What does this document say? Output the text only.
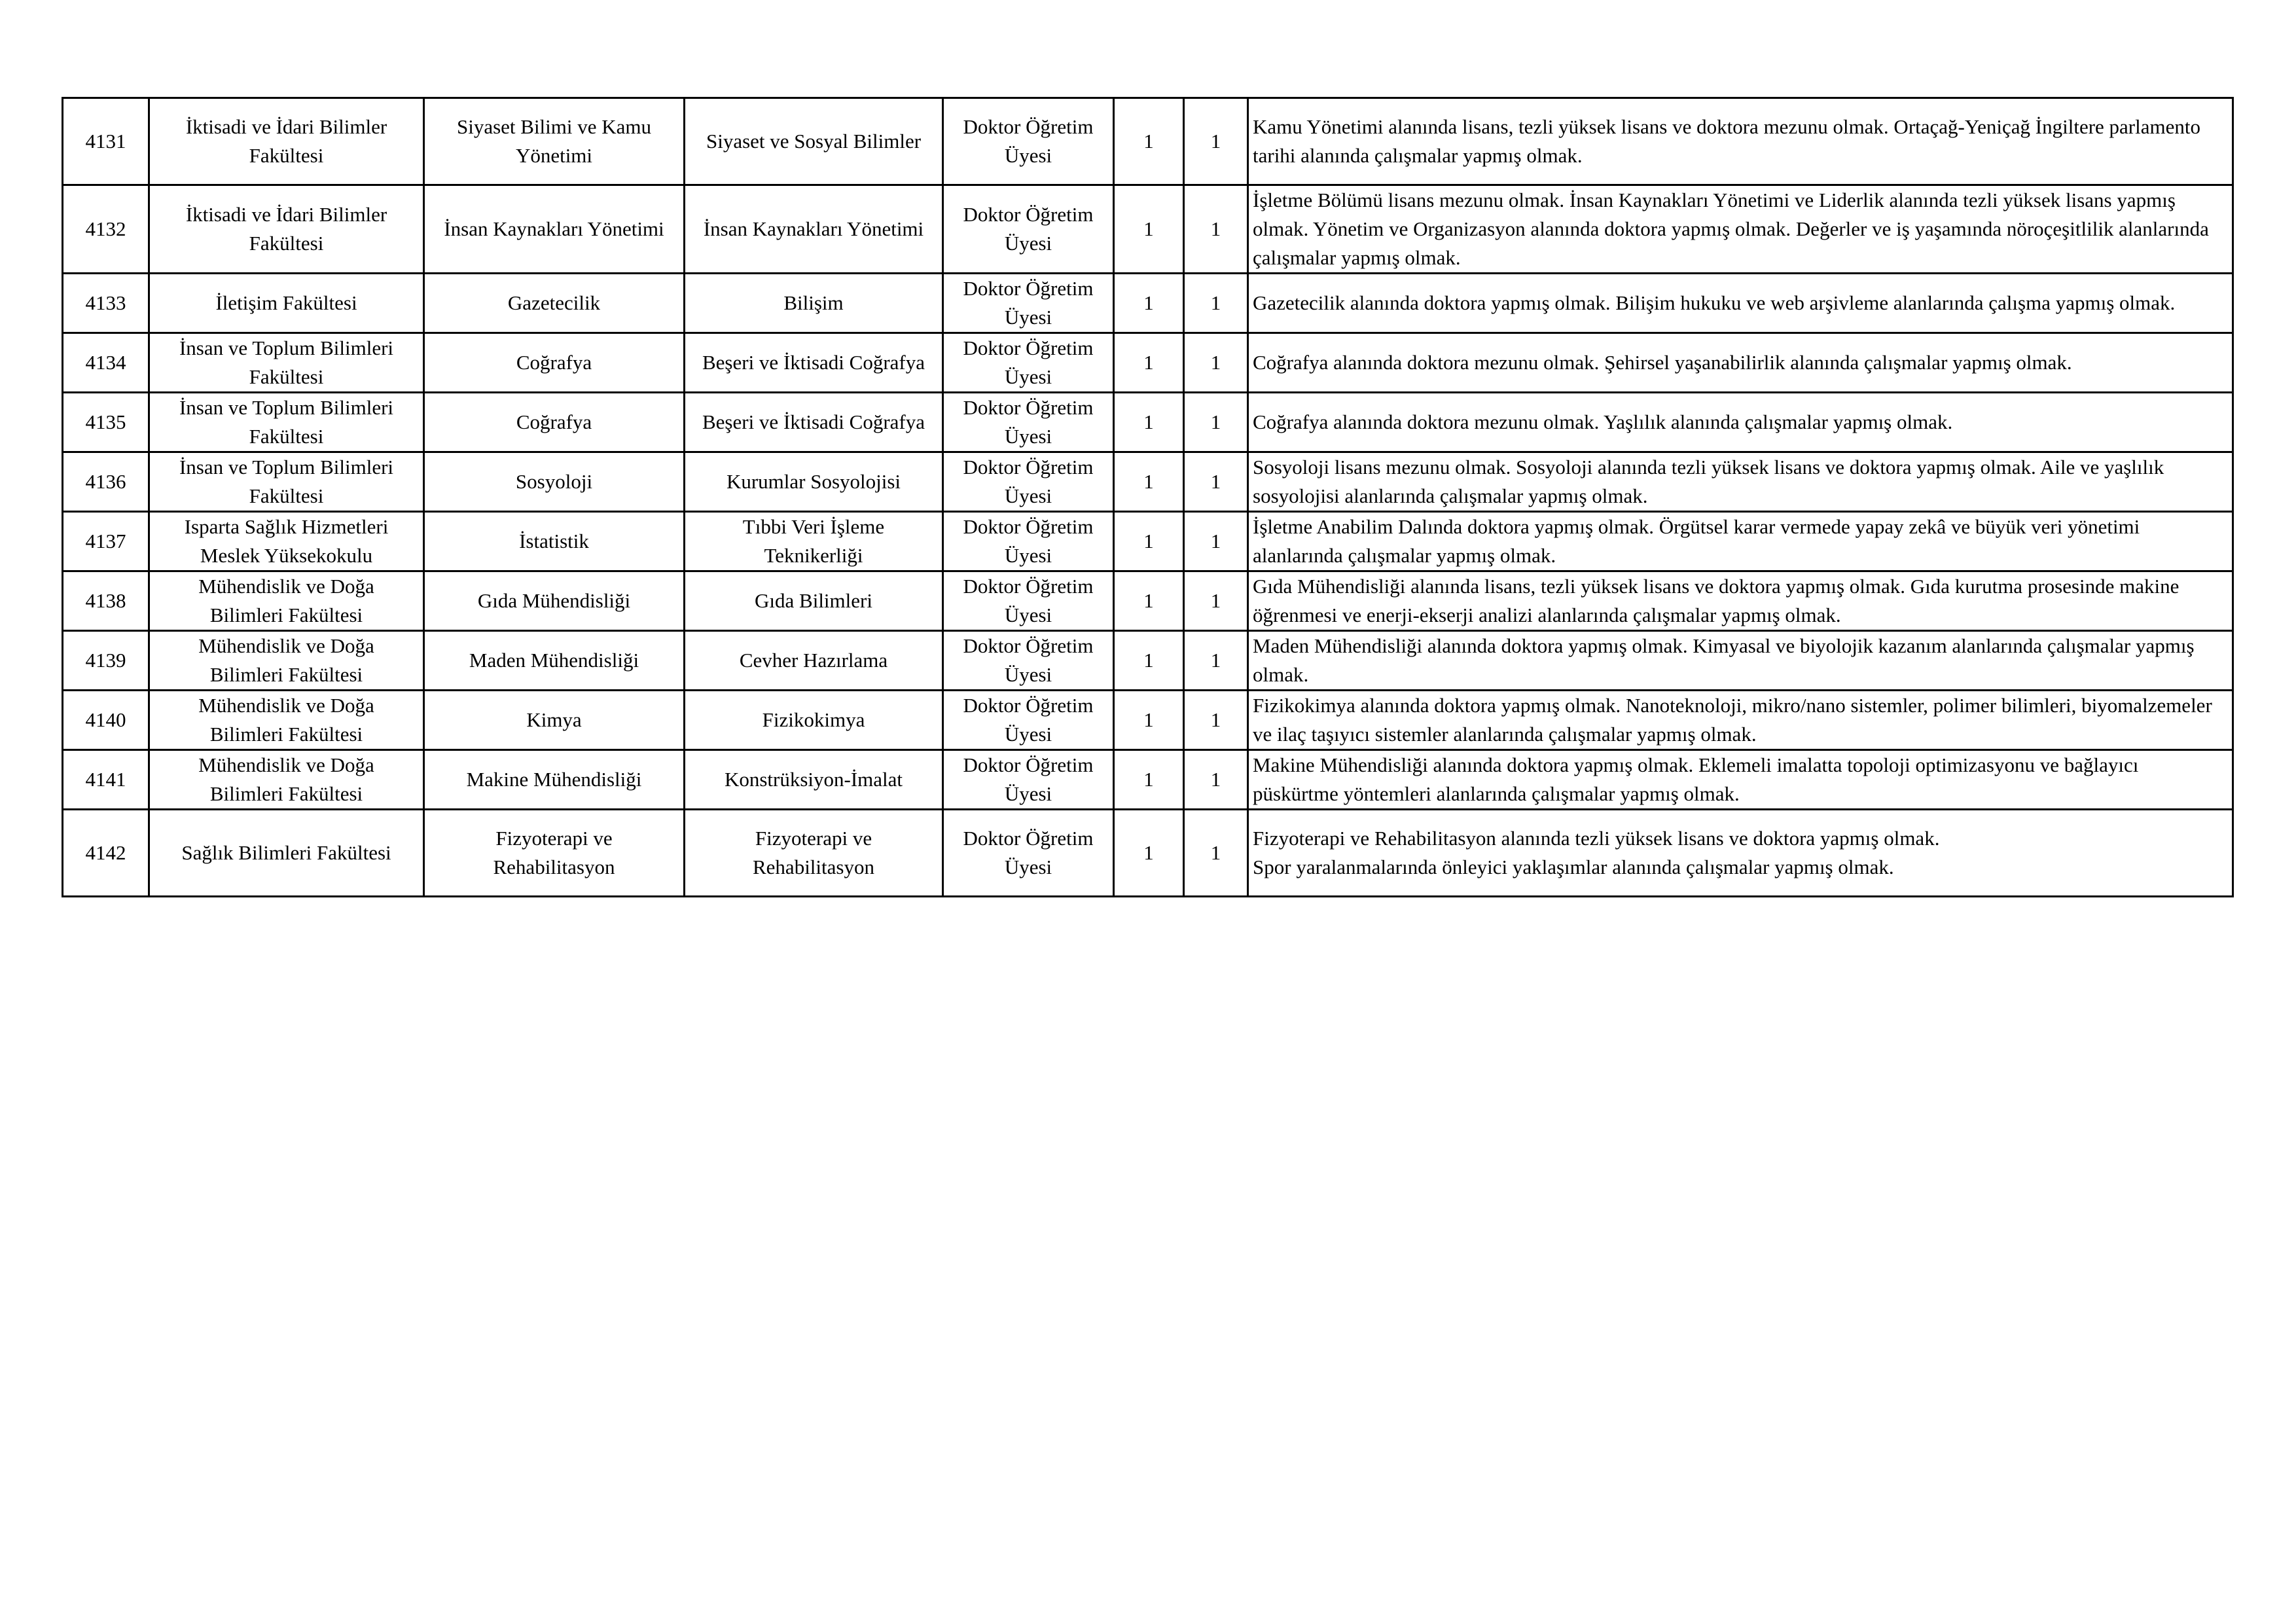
4131	İktisadi ve İdari Bilimler
Fakültesi	Siyaset Bilimi ve Kamu
Yönetimi	Siyaset ve Sosyal Bilimler	Doktor Öğretim
Üyesi	1	1	Kamu Yönetimi alanında lisans, tezli yüksek lisans ve doktora mezunu olmak. Ortaçağ-Yeniçağ İngiltere parlamento tarihi alanında çalışmalar yapmış olmak.

4132	İktisadi ve İdari Bilimler
Fakültesi	İnsan Kaynakları Yönetimi	İnsan Kaynakları Yönetimi	Doktor Öğretim
Üyesi	1	1	İşletme Bölümü lisans mezunu olmak. İnsan Kaynakları Yönetimi ve Liderlik alanında tezli yüksek lisans yapmış olmak. Yönetim ve Organizasyon alanında doktora yapmış olmak. Değerler ve iş yaşamında nöroçeşitlilik alanlarında çalışmalar yapmış olmak.

4133	İletişim Fakültesi	Gazetecilik	Bilişim	Doktor Öğretim
Üyesi	1	1	Gazetecilik alanında doktora yapmış olmak. Bilişim hukuku ve web arşivleme alanlarında çalışma yapmış olmak.

4134	İnsan ve Toplum Bilimleri
Fakültesi	Coğrafya	Beşeri ve İktisadi Coğrafya	Doktor Öğretim
Üyesi	1	1	Coğrafya alanında doktora mezunu olmak. Şehirsel yaşanabilirlik alanında çalışmalar yapmış olmak.

4135	İnsan ve Toplum Bilimleri
Fakültesi	Coğrafya	Beşeri ve İktisadi Coğrafya	Doktor Öğretim
Üyesi	1	1	Coğrafya alanında doktora mezunu olmak. Yaşlılık alanında çalışmalar yapmış olmak.

4136	İnsan ve Toplum Bilimleri
Fakültesi	Sosyoloji	Kurumlar Sosyolojisi	Doktor Öğretim
Üyesi	1	1	Sosyoloji lisans mezunu olmak. Sosyoloji alanında tezli yüksek lisans ve doktora yapmış olmak. Aile ve yaşlılık sosyolojisi alanlarında çalışmalar yapmış olmak.

4137	Isparta Sağlık Hizmetleri
Meslek Yüksekokulu	İstatistik	Tıbbi Veri İşleme
Teknikerliği	Doktor Öğretim
Üyesi	1	1	İşletme Anabilim Dalında doktora yapmış olmak. Örgütsel karar vermede yapay zekâ ve büyük veri yönetimi alanlarında çalışmalar yapmış olmak.

4138	Mühendislik ve Doğa
Bilimleri Fakültesi	Gıda Mühendisliği	Gıda Bilimleri	Doktor Öğretim
Üyesi	1	1	Gıda Mühendisliği alanında lisans, tezli yüksek lisans ve doktora yapmış olmak. Gıda kurutma prosesinde makine öğrenmesi ve enerji-ekserji analizi alanlarında çalışmalar yapmış olmak.

4139	Mühendislik ve Doğa
Bilimleri Fakültesi	Maden Mühendisliği	Cevher Hazırlama	Doktor Öğretim
Üyesi	1	1	Maden Mühendisliği alanında doktora yapmış olmak. Kimyasal ve biyolojik kazanım alanlarında çalışmalar yapmış olmak.

4140	Mühendislik ve Doğa
Bilimleri Fakültesi	Kimya	Fizikokimya	Doktor Öğretim
Üyesi	1	1	Fizikokimya alanında doktora yapmış olmak. Nanoteknoloji, mikro/nano sistemler, polimer bilimleri, biyomalzemeler ve ilaç taşıyıcı sistemler alanlarında çalışmalar yapmış olmak.

4141	Mühendislik ve Doğa
Bilimleri Fakültesi	Makine Mühendisliği	Konstrüksiyon-İmalat	Doktor Öğretim
Üyesi	1	1	Makine Mühendisliği alanında doktora yapmış olmak. Eklemeli imalatta topoloji optimizasyonu ve bağlayıcı püskürtme yöntemleri alanlarında çalışmalar yapmış olmak.

4142	Sağlık Bilimleri Fakültesi	Fizyoterapi ve
Rehabilitasyon	Fizyoterapi ve
Rehabilitasyon	Doktor Öğretim
Üyesi	1	1	Fizyoterapi ve Rehabilitasyon alanında tezli yüksek lisans ve doktora yapmış olmak.
Spor yaralanmalarında önleyici yaklaşımlar alanında çalışmalar yapmış olmak.
